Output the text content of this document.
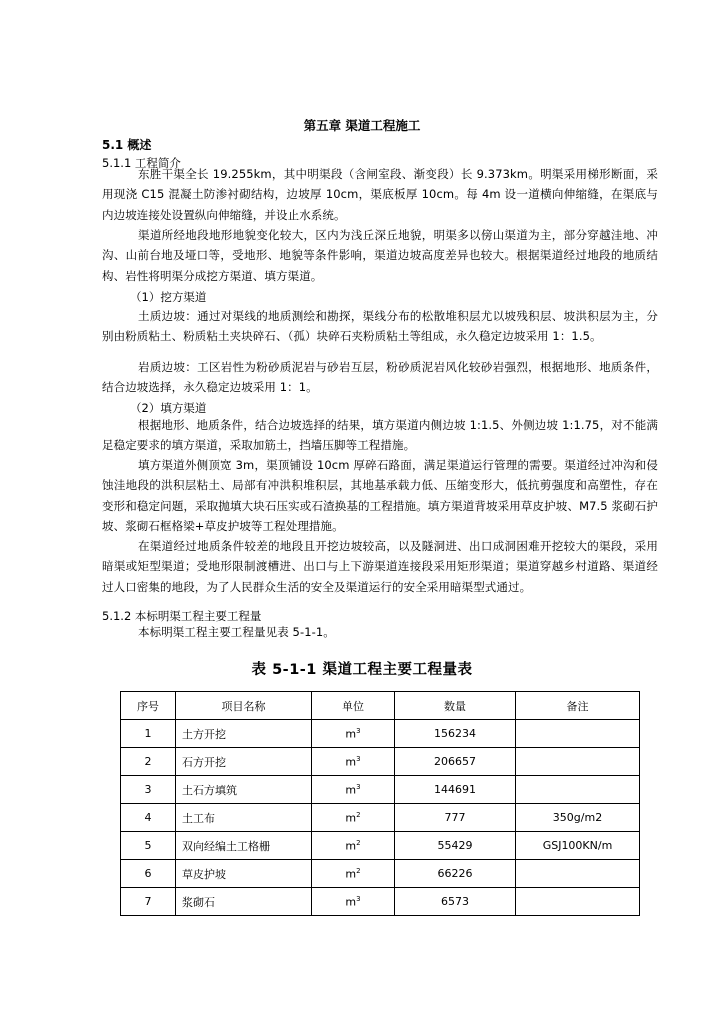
第五章 渠道工程施工
5.1 概述
5.1.1 工程简介
东胜干渠全长 19.255km，其中明渠段（含闸室段、渐变段）长 9.373km。明渠采用梯形断面，采用现浇 C15 混凝土防渗衬砌结构，边坡厚 10cm，渠底板厚 10cm。每 4m 设一道横向伸缩缝，在渠底与内边坡连接处设置纵向伸缩缝，并设止水系统。
渠道所经地段地形地貌变化较大，区内为浅丘深丘地貌，明渠多以傍山渠道为主，部分穿越洼地、冲沟、山前台地及垭口等，受地形、地貌等条件影响，渠道边坡高度差异也较大。根据渠道经过地段的地质结构、岩性将明渠分成挖方渠道、填方渠道。
（1）挖方渠道
土质边坡：通过对渠线的地质测绘和勘探，渠线分布的松散堆积层尤以坡残积层、坡洪积层为主，分别由粉质粘土、粉质粘土夹块碎石、（孤）块碎石夹粉质粘土等组成，永久稳定边坡采用 1：1.5。
岩质边坡：工区岩性为粉砂质泥岩与砂岩互层，粉砂质泥岩风化较砂岩强烈，根据地形、地质条件，结合边坡选择，永久稳定边坡采用 1：1。
（2）填方渠道
根据地形、地质条件，结合边坡选择的结果，填方渠道内侧边坡 1:1.5、外侧边坡 1:1.75，对不能满足稳定要求的填方渠道，采取加筋土，挡墙压脚等工程措施。
填方渠道外侧顶宽 3m，渠顶铺设 10cm 厚碎石路面，满足渠道运行管理的需要。渠道经过冲沟和侵蚀洼地段的洪积层粘土、局部有冲洪积堆积层，其地基承载力低、压缩变形大，低抗剪强度和高塑性，存在变形和稳定问题，采取抛填大块石压实或石渣换基的工程措施。填方渠道背坡采用草皮护坡、M7.5 浆砌石护坡、浆砌石框格梁+草皮护坡等工程处理措施。
在渠道经过地质条件较差的地段且开挖边坡较高，以及隧洞进、出口成洞困难开挖较大的渠段，采用暗渠或矩型渠道；受地形限制渡槽进、出口与上下游渠道连接段采用矩形渠道；渠道穿越乡村道路、渠道经过人口密集的地段，为了人民群众生活的安全及渠道运行的安全采用暗渠型式通过。
5.1.2 本标明渠工程主要工程量
本标明渠工程主要工程量见表 5-1-1。
表 5-1-1 渠道工程主要工程量表
序号	项目名称	单位	数量	备注
1	土方开挖	$m^3$	156234	
2	石方开挖	$m^3$	206657	
3	土石方填筑	$m^3$	144691	
4	土工布	$m^2$	777	350g/m2
5	双向经编土工格栅	$m^2$	55429	GSJ100KN/m
6	草皮护坡	$m^2$	66226	
7	浆砌石	$m^3$	6573	
